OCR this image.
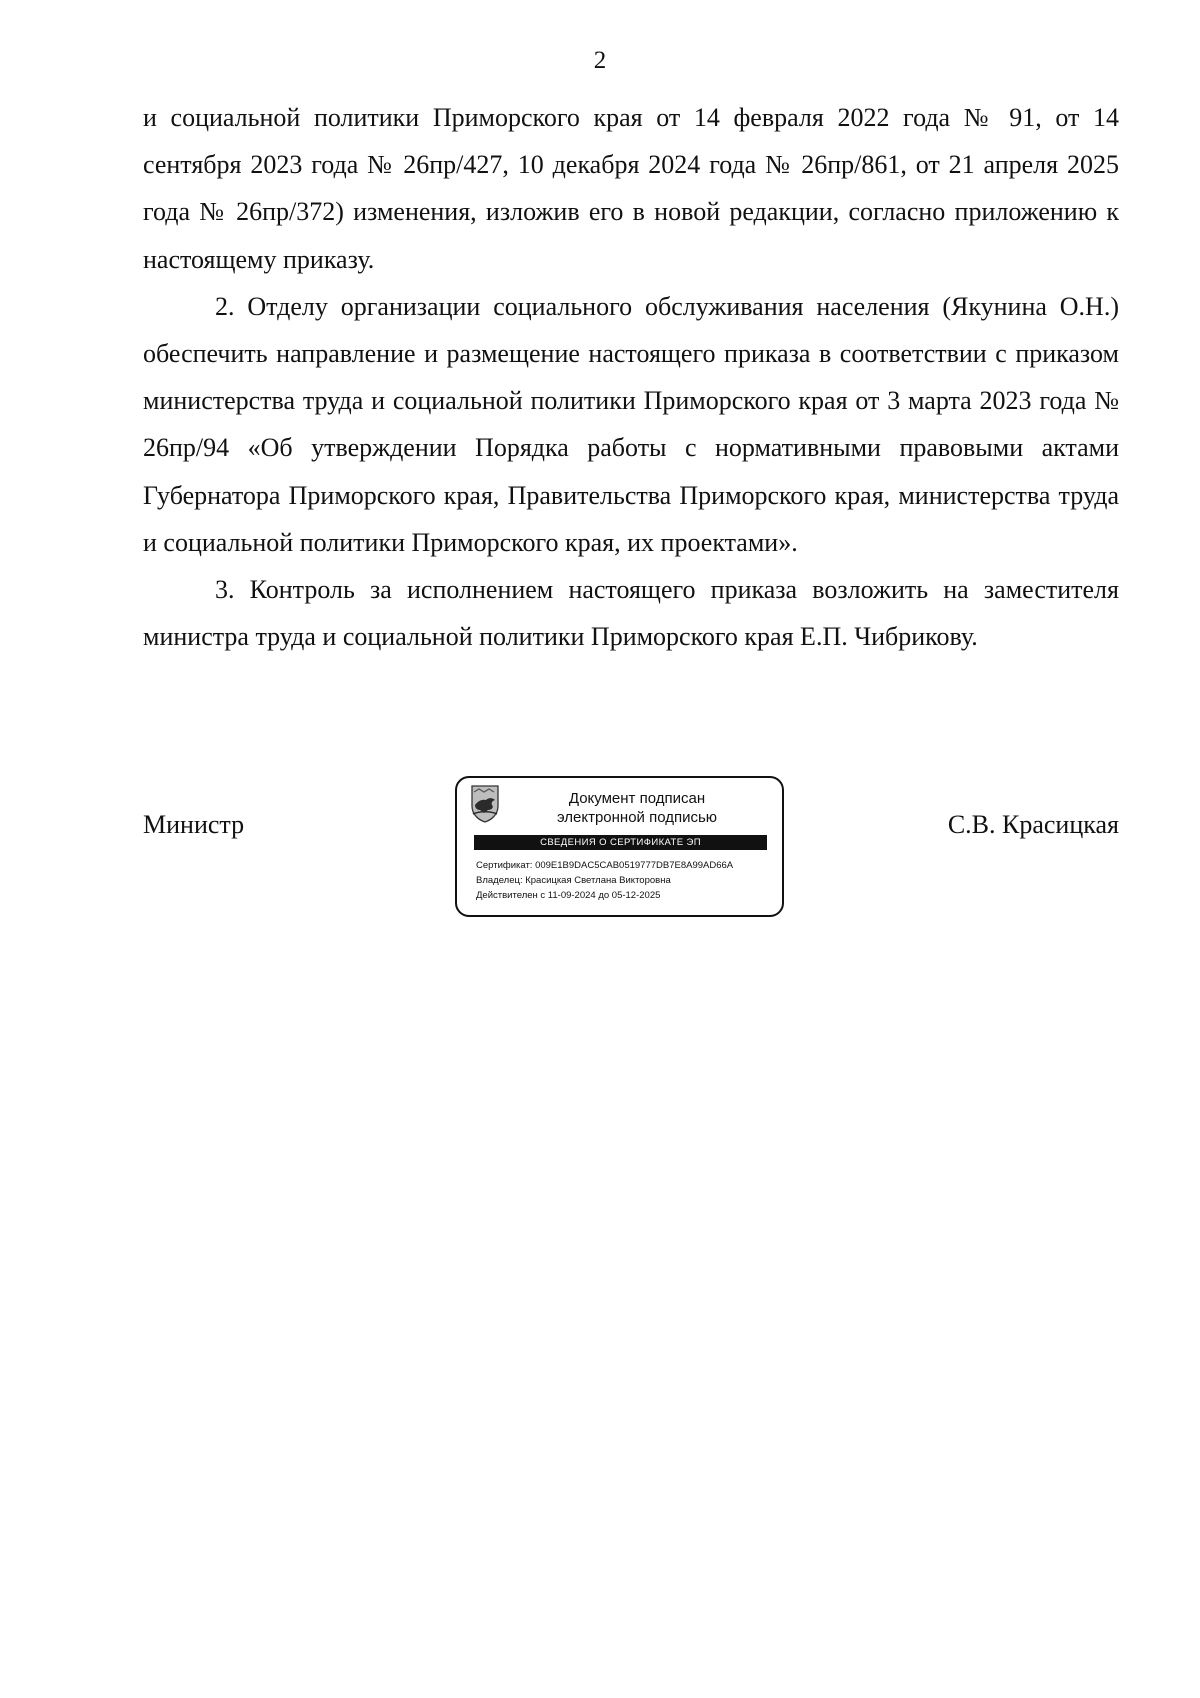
2

и социальной политики Приморского края от 14 февраля 2022 года № 91, от 14 сентября 2023 года № 26пр/427, 10 декабря 2024 года № 26пр/861, от 21 апреля 2025 года № 26пр/372) изменения, изложив его в новой редакции, согласно приложению к настоящему приказу.

2. Отделу организации социального обслуживания населения (Якунина О.Н.) обеспечить направление и размещение настоящего приказа в соответствии с приказом министерства труда и социальной политики Приморского края от 3 марта 2023 года № 26пр/94 «Об утверждении Порядка работы с нормативными правовыми актами Губернатора Приморского края, Правительства Приморского края, министерства труда и социальной политики Приморского края, их проектами».

3. Контроль за исполнением настоящего приказа возложить на заместителя министра труда и социальной политики Приморского края Е.П. Чибрикову.

Министр
Документ подписан
электронной подписью
СВЕДЕНИЯ О СЕРТИФИКАТЕ ЭП
Сертификат: 009E1B9DAC5CAB0519777DB7E8A99AD66A
Владелец: Красицкая Светлана Викторовна
Действителен с 11-09-2024 до 05-12-2025
С.В. Красицкая
